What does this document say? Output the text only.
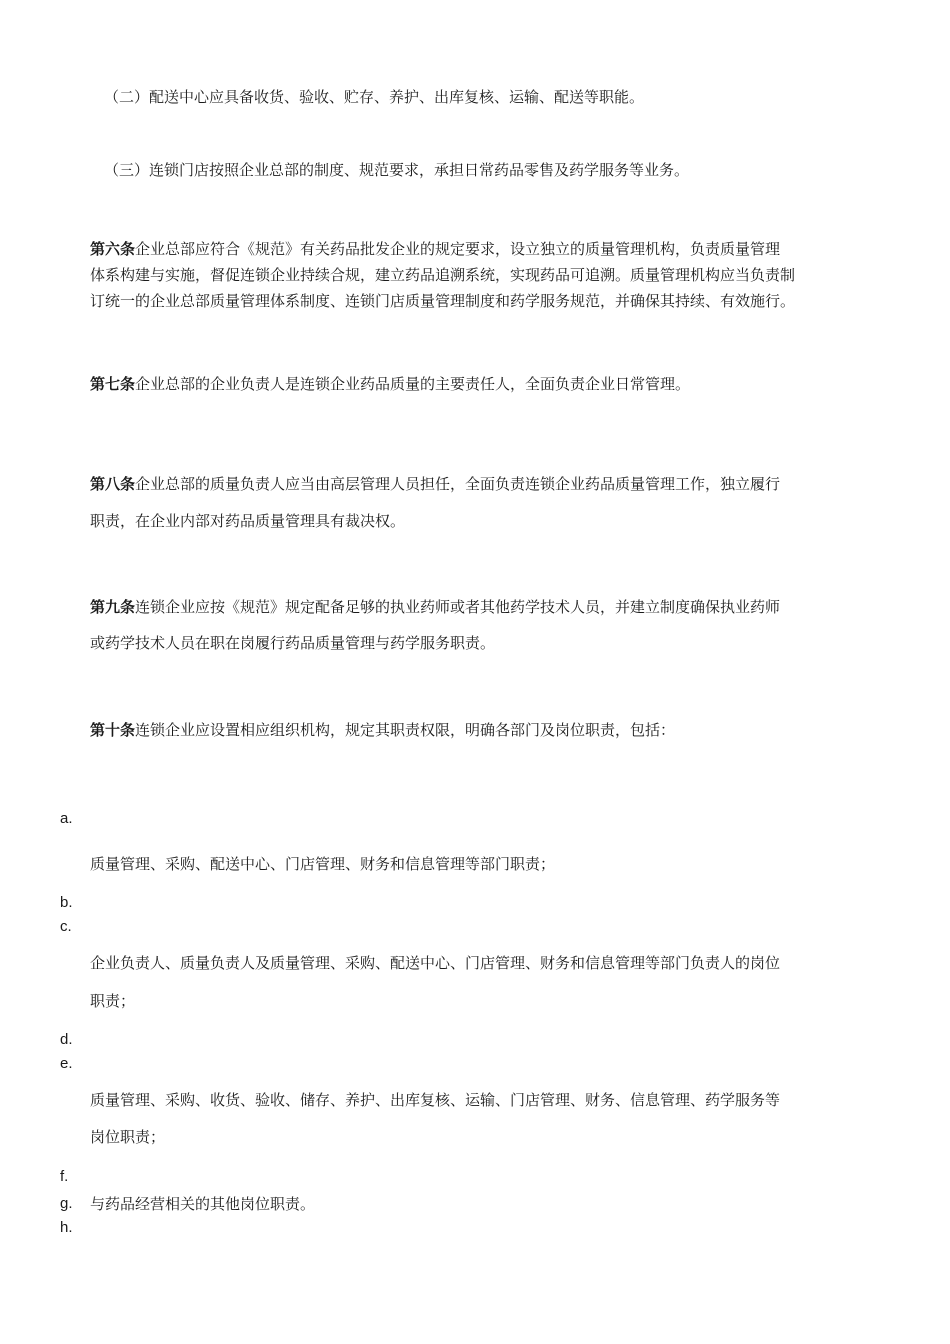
（二）配送中心应具备收货、验收、贮存、养护、出库复核、运输、配送等职能。
（三）连锁门店按照企业总部的制度、规范要求，承担日常药品零售及药学服务等业务。
第六条企业总部应符合《规范》有关药品批发企业的规定要求，设立独立的质量管理机构，负责质量管理
体系构建与实施，督促连锁企业持续合规，建立药品追溯系统，实现药品可追溯。质量管理机构应当负责制
订统一的企业总部质量管理体系制度、连锁门店质量管理制度和药学服务规范，并确保其持续、有效施行。
第七条企业总部的企业负责人是连锁企业药品质量的主要责任人，全面负责企业日常管理。
第八条企业总部的质量负责人应当由高层管理人员担任，全面负责连锁企业药品质量管理工作，独立履行
职责，在企业内部对药品质量管理具有裁决权。
第九条连锁企业应按《规范》规定配备足够的执业药师或者其他药学技术人员，并建立制度确保执业药师
或药学技术人员在职在岗履行药品质量管理与药学服务职责。
第十条连锁企业应设置相应组织机构，规定其职责权限，明确各部门及岗位职责，包括：
a.
b.
c.
d.
e.
f.
g.
h.
质量管理、采购、配送中心、门店管理、财务和信息管理等部门职责；
企业负责人、质量负责人及质量管理、采购、配送中心、门店管理、财务和信息管理等部门负责人的岗位
职责；
质量管理、采购、收货、验收、储存、养护、出库复核、运输、门店管理、财务、信息管理、药学服务等
岗位职责；
与药品经营相关的其他岗位职责。
